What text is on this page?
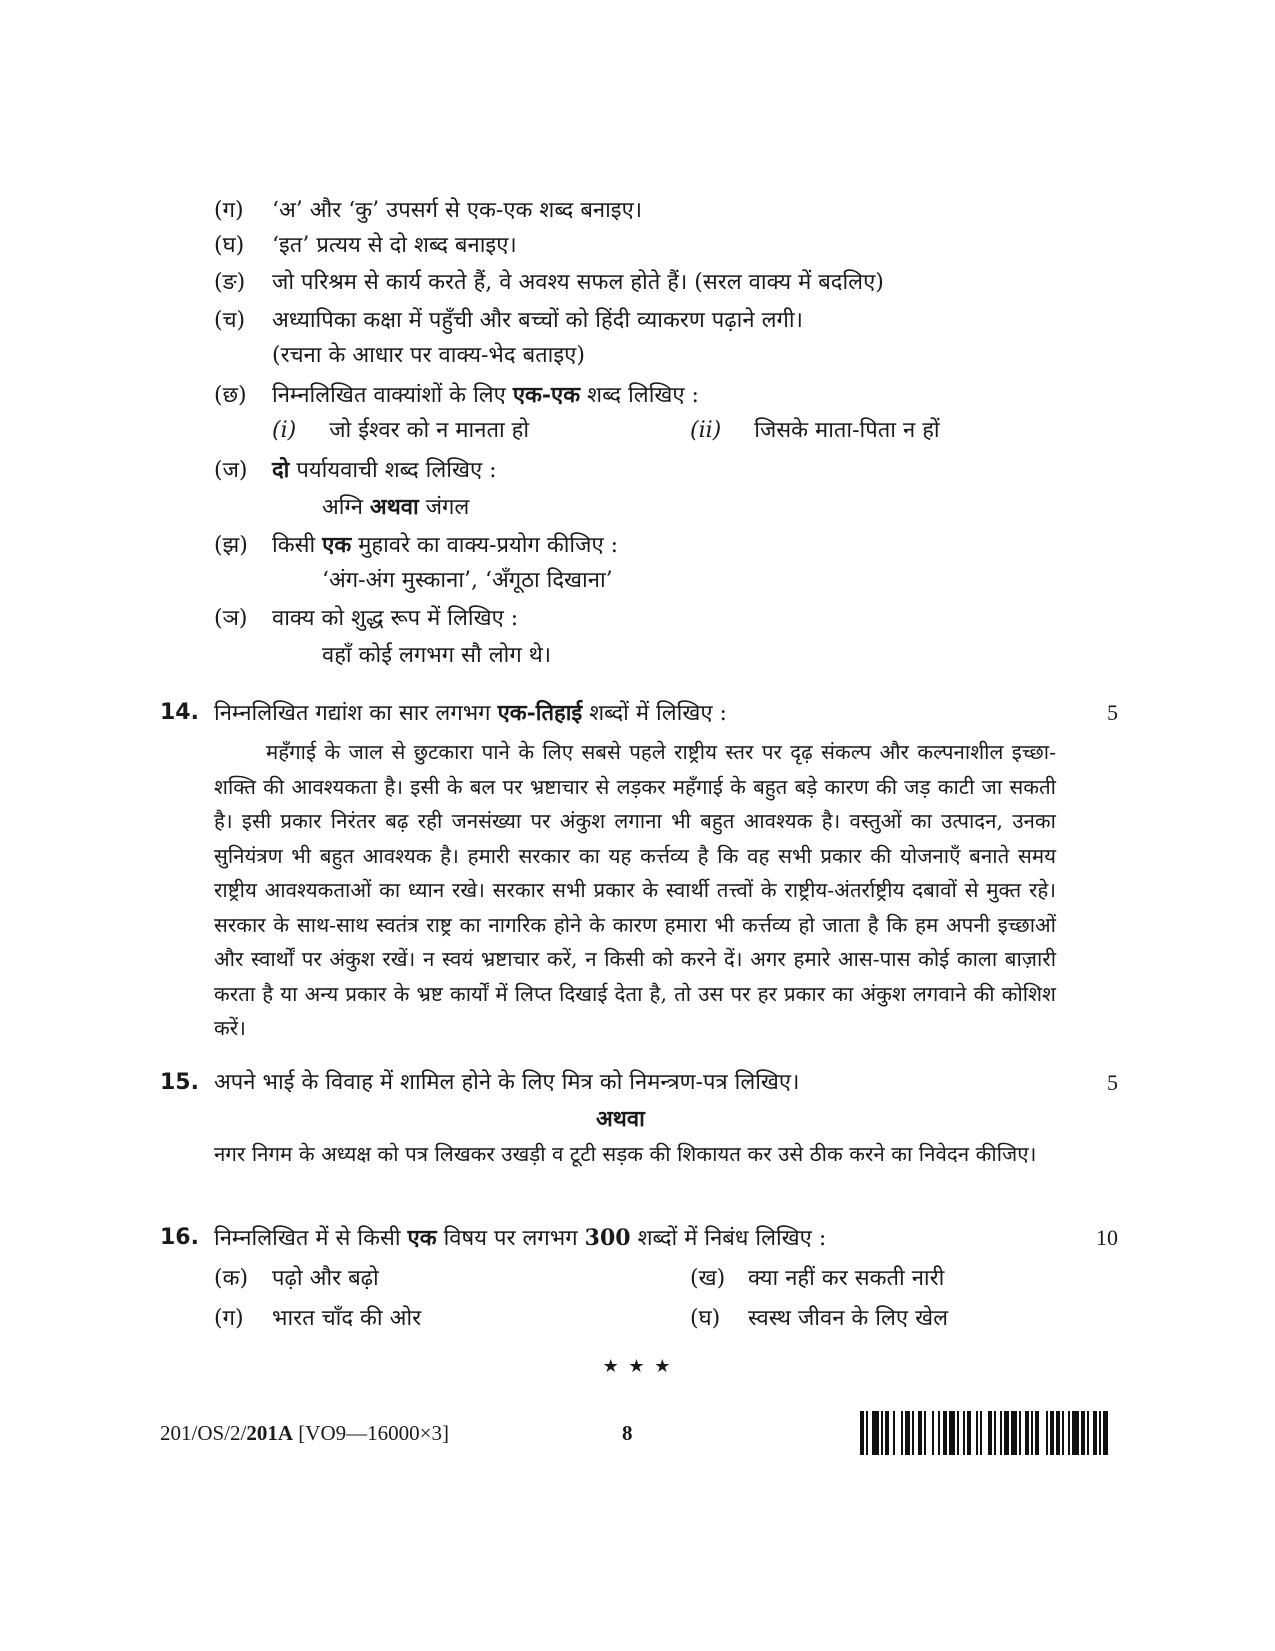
(ग) ‘अ’ और ‘कु’ उपसर्ग से एक-एक शब्द बनाइए।
(घ) ‘इत’ प्रत्यय से दो शब्द बनाइए।
(ङ) जो परिश्रम से कार्य करते हैं, वे अवश्य सफल होते हैं। (सरल वाक्य में बदलिए)
(च) अध्यापिका कक्षा में पहुँची और बच्चों को हिंदी व्याकरण पढ़ाने लगी।
(रचना के आधार पर वाक्य-भेद बताइए)
(छ) निम्नलिखित वाक्यांशों के लिए एक-एक शब्द लिखिए :
(i) जो ईश्वर को न मानता हो	(ii) जिसके माता-पिता न हों
(ज) दो पर्यायवाची शब्द लिखिए :
अग्नि अथवा जंगल
(झ) किसी एक मुहावरे का वाक्य-प्रयोग कीजिए :
‘अंग-अंग मुस्काना’, ‘अँगूठा दिखाना’
(ञ) वाक्य को शुद्ध रूप में लिखिए :
वहाँ कोई लगभग सौ लोग थे।
14. निम्नलिखित गद्यांश का सार लगभग एक-तिहाई शब्दों में लिखिए :	5
महँगाई के जाल से छुटकारा पाने के लिए सबसे पहले राष्ट्रीय स्तर पर दृढ़ संकल्प और कल्पनाशील इच्छा-शक्ति की आवश्यकता है। इसी के बल पर भ्रष्टाचार से लड़कर महँगाई के बहुत बड़े कारण की जड़ काटी जा सकती है। इसी प्रकार निरंतर बढ़ रही जनसंख्या पर अंकुश लगाना भी बहुत आवश्यक है। वस्तुओं का उत्पादन, उनका सुनियंत्रण भी बहुत आवश्यक है। हमारी सरकार का यह कर्त्तव्य है कि वह सभी प्रकार की योजनाएँ बनाते समय राष्ट्रीय आवश्यकताओं का ध्यान रखे। सरकार सभी प्रकार के स्वार्थी तत्त्वों के राष्ट्रीय-अंतर्राष्ट्रीय दबावों से मुक्त रहे। सरकार के साथ-साथ स्वतंत्र राष्ट्र का नागरिक होने के कारण हमारा भी कर्त्तव्य हो जाता है कि हम अपनी इच्छाओं और स्वार्थों पर अंकुश रखें। न स्वयं भ्रष्टाचार करें, न किसी को करने दें। अगर हमारे आस-पास कोई काला बाज़ारी करता है या अन्य प्रकार के भ्रष्ट कार्यों में लिप्त दिखाई देता है, तो उस पर हर प्रकार का अंकुश लगवाने की कोशिश करें।
15. अपने भाई के विवाह में शामिल होने के लिए मित्र को निमन्त्रण-पत्र लिखिए।	5
अथवा
नगर निगम के अध्यक्ष को पत्र लिखकर उखड़ी व टूटी सड़क की शिकायत कर उसे ठीक करने का निवेदन कीजिए।
16. निम्नलिखित में से किसी एक विषय पर लगभग 300 शब्दों में निबंध लिखिए :	10
(क) पढ़ो और बढ़ो	(ख) क्या नहीं कर सकती नारी
(ग) भारत चाँद की ओर	(घ) स्वस्थ जीवन के लिए खेल
★ ★ ★
201/OS/2/201A [VO9—16000×3]	8
